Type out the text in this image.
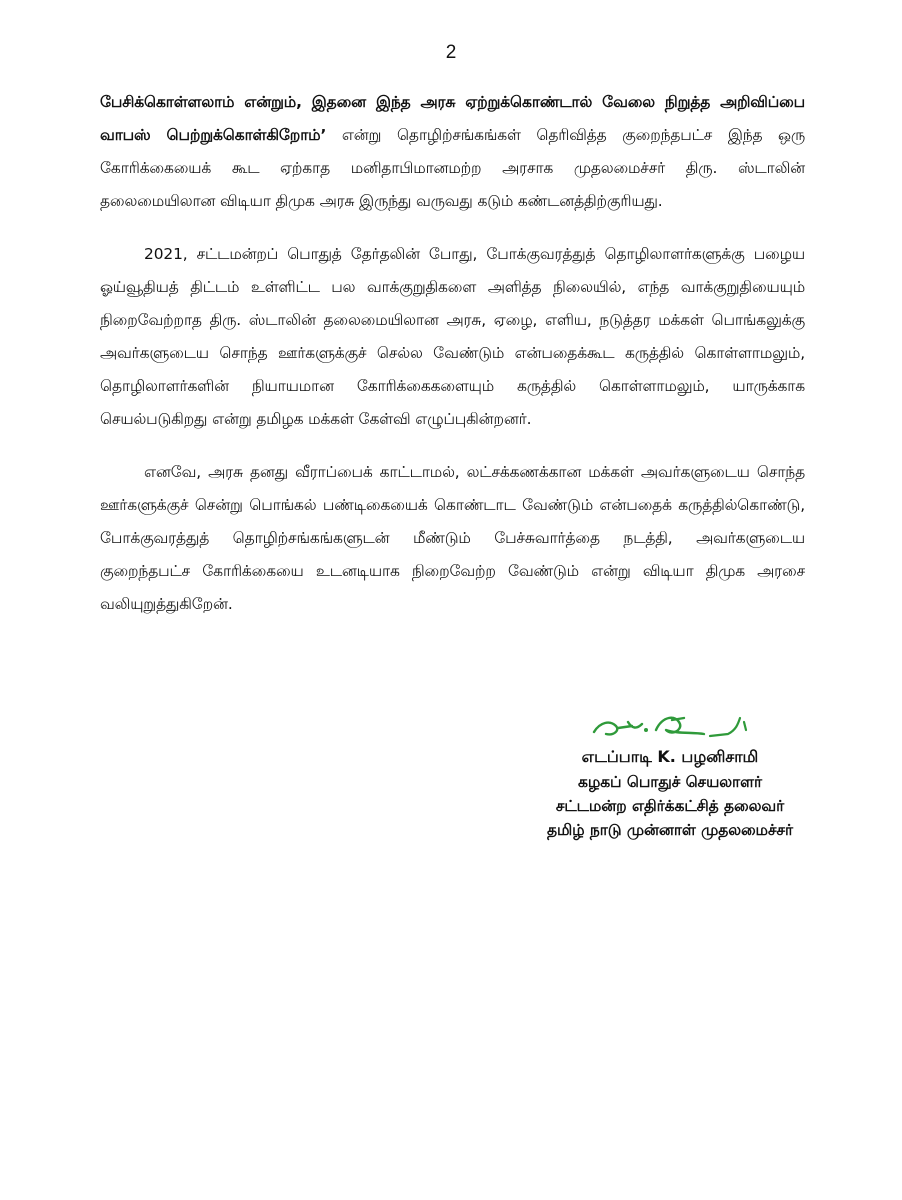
2

பேசிக்கொள்ளலாம் என்றும், இதனை இந்த அரசு ஏற்றுக்கொண்டால் வேலை நிறுத்த அறிவிப்பை வாபஸ் பெற்றுக்கொள்கிறோம்’ என்று தொழிற்சங்கங்கள் தெரிவித்த குறைந்தபட்ச இந்த ஒரு கோரிக்கையைக் கூட ஏற்காத மனிதாபிமானமற்ற அரசாக முதலமைச்சர் திரு. ஸ்டாலின் தலைமையிலான விடியா திமுக அரசு இருந்து வருவது கடும் கண்டனத்திற்குரியது.

2021, சட்டமன்றப் பொதுத் தேர்தலின் போது, போக்குவரத்துத் தொழிலாளர்களுக்கு பழைய ஓய்வூதியத் திட்டம் உள்ளிட்ட பல வாக்குறுதிகளை அளித்த நிலையில், எந்த வாக்குறுதியையும் நிறைவேற்றாத திரு. ஸ்டாலின் தலைமையிலான அரசு, ஏழை, எளிய, நடுத்தர மக்கள் பொங்கலுக்கு அவர்களுடைய சொந்த ஊர்களுக்குச் செல்ல வேண்டும் என்பதைக்கூட கருத்தில் கொள்ளாமலும், தொழிலாளர்களின் நியாயமான கோரிக்கைகளையும் கருத்தில் கொள்ளாமலும், யாருக்காக செயல்படுகிறது என்று தமிழக மக்கள் கேள்வி எழுப்புகின்றனர்.

எனவே, அரசு தனது வீராப்பைக் காட்டாமல், லட்சக்கணக்கான மக்கள் அவர்களுடைய சொந்த ஊர்களுக்குச் சென்று பொங்கல் பண்டிகையைக் கொண்டாட வேண்டும் என்பதைக் கருத்தில்கொண்டு, போக்குவரத்துத் தொழிற்சங்கங்களுடன் மீண்டும் பேச்சுவார்த்தை நடத்தி, அவர்களுடைய குறைந்தபட்ச கோரிக்கையை உடனடியாக நிறைவேற்ற வேண்டும் என்று விடியா திமுக அரசை வலியுறுத்துகிறேன்.

எடப்பாடி K. பழனிசாமி
கழகப் பொதுச் செயலாளர்
சட்டமன்ற எதிர்க்கட்சித் தலைவர்
தமிழ் நாடு முன்னாள் முதலமைச்சர்
